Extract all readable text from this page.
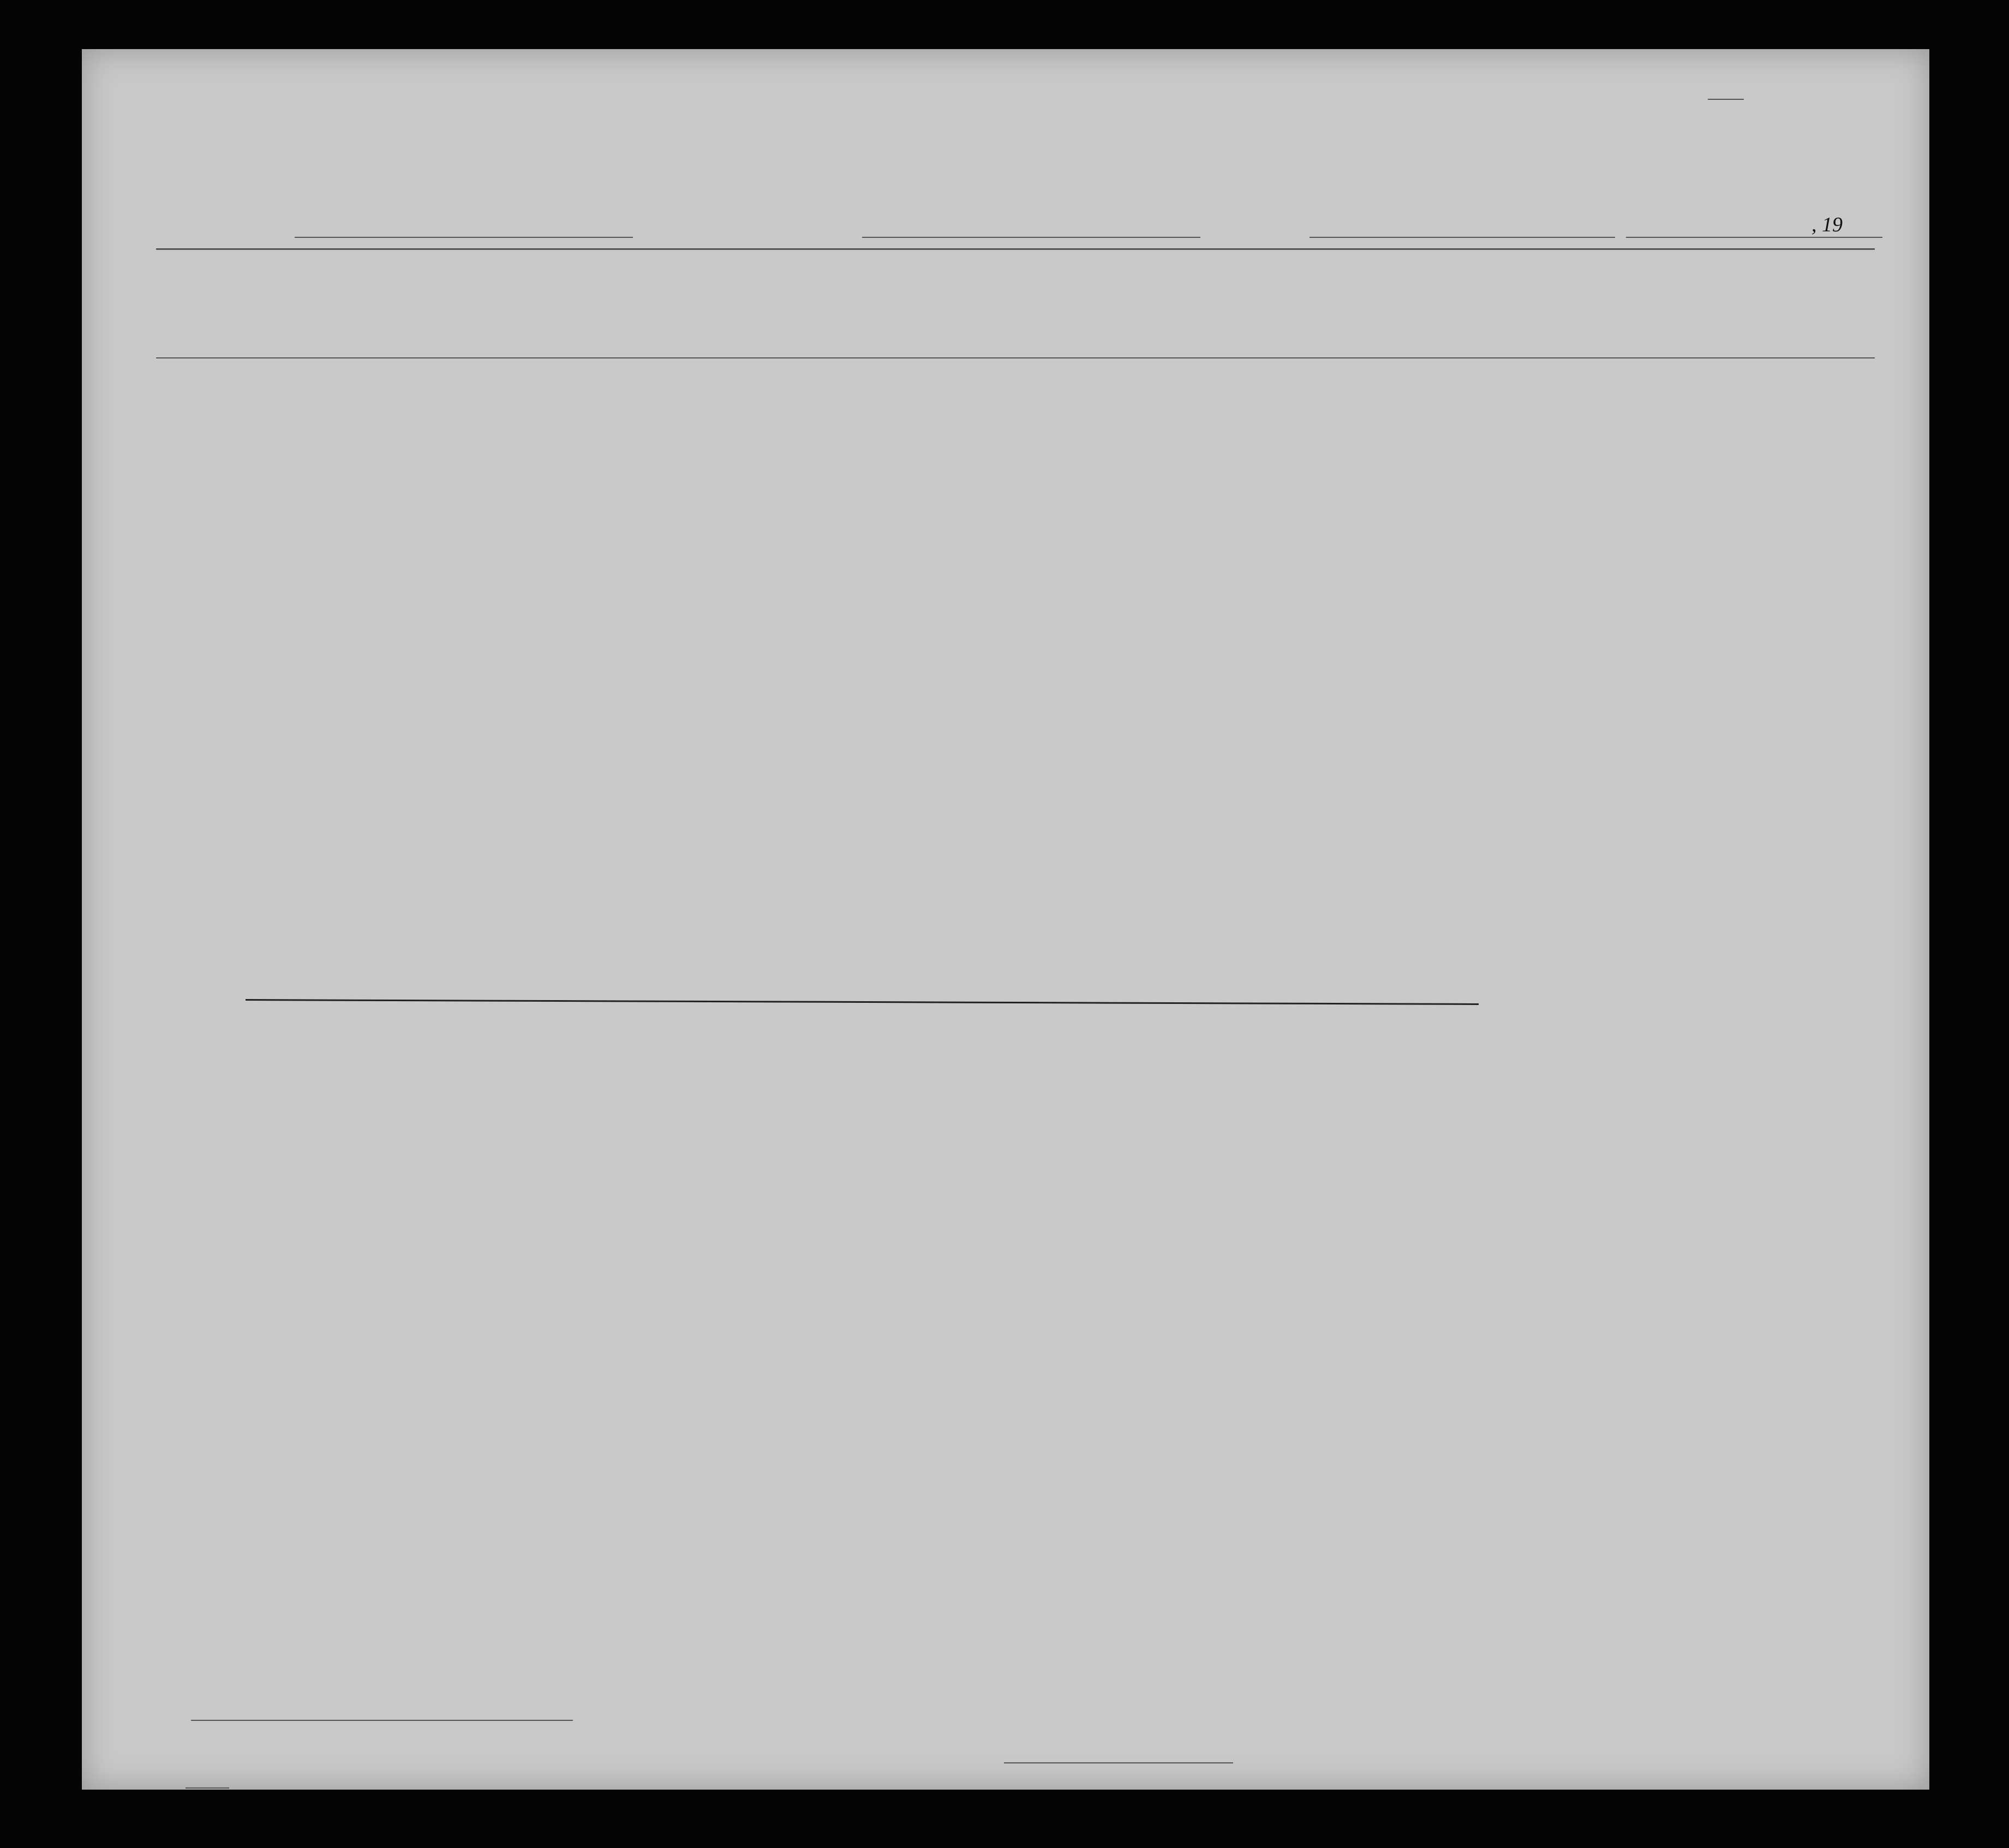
, 19
